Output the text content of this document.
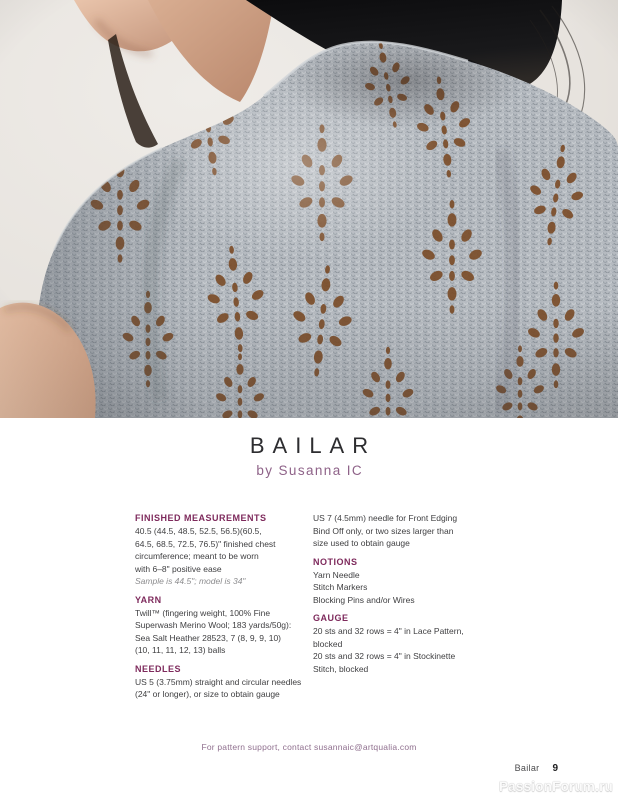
BAILAR
by Susanna IC
FINISHED MEASUREMENTS
40.5 (44.5, 48.5, 52.5, 56.5)(60.5,
64.5, 68.5, 72.5, 76.5)" finished chest
circumference; meant to be worn
with 6–8" positive ease
Sample is 44.5"; model is 34"
YARN
Twill™ (fingering weight, 100% Fine
Superwash Merino Wool; 183 yards/50g):
Sea Salt Heather 28523, 7 (8, 9, 9, 10)
(10, 11, 11, 12, 13) balls
NEEDLES
US 5 (3.75mm) straight and circular needles
(24" or longer), or size to obtain gauge
US 7 (4.5mm) needle for Front Edging
Bind Off only, or two sizes larger than
size used to obtain gauge
NOTIONS
Yarn Needle
Stitch Markers
Blocking Pins and/or Wires
GAUGE
20 sts and 32 rows = 4" in Lace Pattern,
blocked
20 sts and 32 rows = 4" in Stockinette
Stitch, blocked
For pattern support, contact susannaic@artqualia.com
Bailar 9
PassionForum.ru
